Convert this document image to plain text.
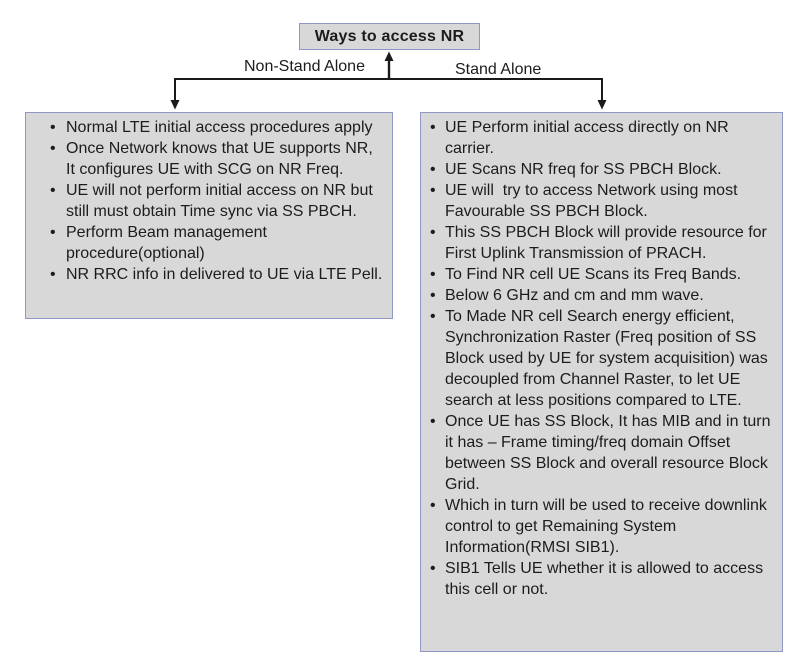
Ways to access NR
Non-Stand Alone	Stand Alone
• Normal LTE initial access procedures apply
• Once Network knows that UE supports NR, It configures UE with SCG on NR Freq.
• UE will not perform initial access on NR but still must obtain Time sync via SS PBCH.
• Perform Beam management procedure(optional)
• NR RRC info in delivered to UE via LTE Pell.
• UE Perform initial access directly on NR carrier.
• UE Scans NR freq for SS PBCH Block.
• UE will  try to access Network using most Favourable SS PBCH Block.
• This SS PBCH Block will provide resource for First Uplink Transmission of PRACH.
• To Find NR cell UE Scans its Freq Bands.
• Below 6 GHz and cm and mm wave.
• To Made NR cell Search energy efficient, Synchronization Raster (Freq position of SS Block used by UE for system acquisition) was decoupled from Channel Raster, to let UE search at less positions compared to LTE.
• Once UE has SS Block, It has MIB and in turn it has – Frame timing/freq domain Offset between SS Block and overall resource Block Grid.
• Which in turn will be used to receive downlink control to get Remaining System Information(RMSI SIB1).
• SIB1 Tells UE whether it is allowed to access this cell or not.
